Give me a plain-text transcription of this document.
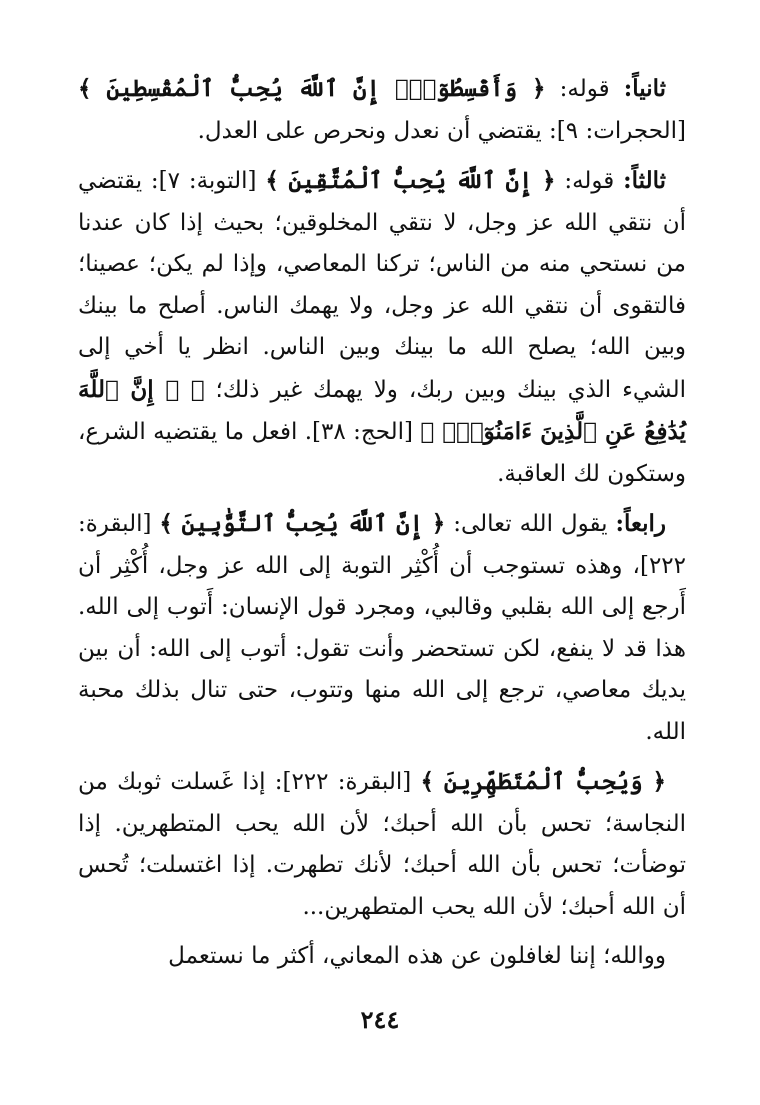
ثانياً: قوله: ﴿ وَأَقْسِطُوٓاْۖ إِنَّ ٱللَّهَ يُحِبُّ ٱلْمُقْسِطِينَ ﴾ [الحجرات: ٩]: يقتضي أن نعدل ونحرص على العدل.

ثالثاً: قوله: ﴿ إِنَّ ٱللَّهَ يُحِبُّ ٱلْمُتَّقِينَ ﴾ [التوبة: ٧]: يقتضي أن نتقي الله عز وجل، لا نتقي المخلوقين؛ بحيث إذا كان عندنا من نستحي منه من الناس؛ تركنا المعاصي، وإذا لم يكن؛ عصينا؛ فالتقوى أن نتقي الله عز وجل، ولا يهمك الناس. أصلح ما بينك وبين الله؛ يصلح الله ما بينك وبين الناس. انظر يا أخي إلى الشيء الذي بينك وبين ربك، ولا يهمك غير ذلك؛ ﴿ ۞ إِنَّ ٱللَّهَ يُدَٰفِعُ عَنِ ٱلَّذِينَ ءَامَنُوٓاْۗ ﴾ [الحج: ٣٨]. افعل ما يقتضيه الشرع، وستكون لك العاقبة.

رابعاً: يقول الله تعالى: ﴿ إِنَّ ٱللَّهَ يُحِبُّ ٱلتَّوَّٰبِينَ ﴾ [البقرة: ٢٢٢]، وهذه تستوجب أن أُكْثِر التوبة إلى الله عز وجل، أُكْثِر أن أَرجع إلى الله بقلبي وقالبي، ومجرد قول الإنسان: أَتوب إلى الله. هذا قد لا ينفع، لكن تستحضر وأنت تقول: أتوب إلى الله: أن بين يديك معاصي، ترجع إلى الله منها وتتوب، حتى تنال بذلك محبة الله.

﴿ وَيُحِبُّ ٱلْمُتَطَهِّرِينَ ﴾ [البقرة: ٢٢٢]: إذا غَسلت ثوبك من النجاسة؛ تحس بأن الله أحبك؛ لأن الله يحب المتطهرين. إذا توضأت؛ تحس بأن الله أحبك؛ لأنك تطهرت. إذا اغتسلت؛ تُحس أن الله أحبك؛ لأن الله يحب المتطهرين...

ووالله؛ إننا لغافلون عن هذه المعاني، أكثر ما نستعمل

٢٤٤
